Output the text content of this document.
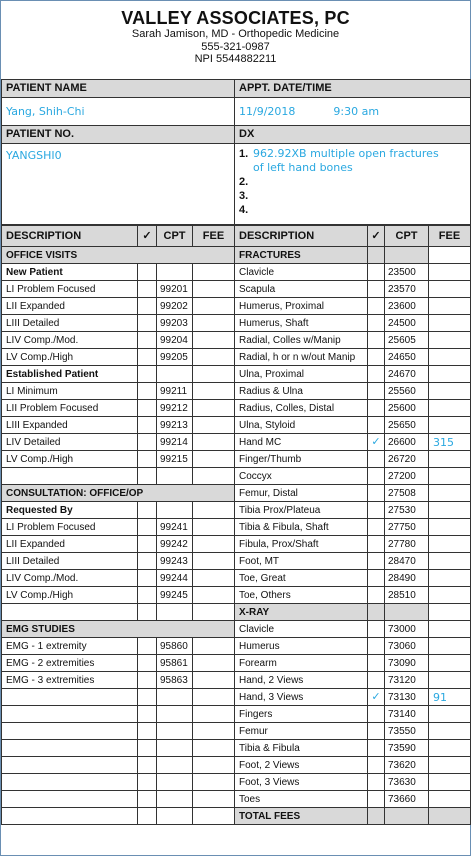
VALLEY ASSOCIATES, PC
Sarah Jamison, MD - Orthopedic Medicine
555-321-0987
NPI 5544882211
PATIENT NAME	APPT. DATE/TIME
Yang, Shih-Chi	11/9/2018 9:30 am
PATIENT NO.	DX
YANGSHI0	1. 962.92XB multiple open fractures
of left hand bones
2.
3.
4.
DESCRIPTION	✓	CPT	FEE	DESCRIPTION	✓	CPT	FEE
OFFICE VISITS				FRACTURES			
New Patient				Clavicle		23500	
LI Problem Focused		99201		Scapula		23570	
LII Expanded		99202		Humerus, Proximal		23600	
LIII Detailed		99203		Humerus, Shaft		24500	
LIV Comp./Mod.		99204		Radial, Colles w/Manip		25605	
LV Comp./High		99205		Radial, h or n w/out Manip		24650	
Established Patient				Ulna, Proximal		24670	
LI Minimum		99211		Radius & Ulna		25560	
LII Problem Focused		99212		Radius, Colles, Distal		25600	
LIII Expanded		99213		Ulna, Styloid		25650	
LIV Detailed		99214		Hand MC	✓	26600	315
LV Comp./High		99215		Finger/Thumb		26720	
				Coccyx		27200	
CONSULTATION: OFFICE/OP				Femur, Distal		27508	
Requested By				Tibia Prox/Plateua		27530	
LI Problem Focused		99241		Tibia & Fibula, Shaft		27750	
LII Expanded		99242		Fibula, Prox/Shaft		27780	
LIII Detailed		99243		Foot, MT		28470	
LIV Comp./Mod.		99244		Toe, Great		28490	
LV Comp./High		99245		Toe, Others		28510	
				X-RAY			
EMG STUDIES				Clavicle		73000	
EMG - 1 extremity		95860		Humerus		73060	
EMG - 2 extremities		95861		Forearm		73090	
EMG - 3 extremities		95863		Hand, 2 Views		73120	
				Hand, 3 Views	✓	73130	91
				Fingers		73140	
				Femur		73550	
				Tibia & Fibula		73590	
				Foot, 2 Views		73620	
				Foot, 3 Views		73630	
				Toes		73660	
				TOTAL FEES			
